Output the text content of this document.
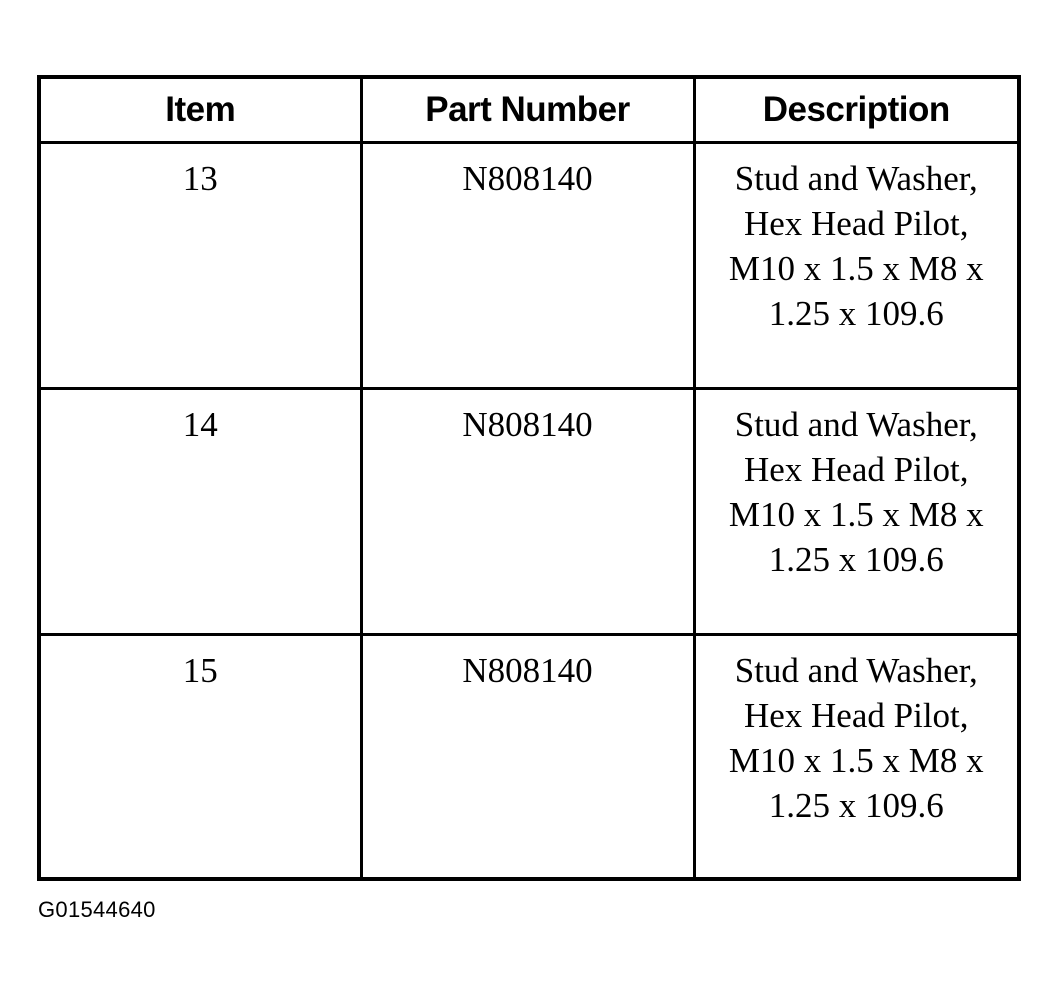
Item	Part Number	Description
13	N808140	Stud and Washer, Hex Head Pilot, M10 x 1.5 x M8 x 1.25 x 109.6
14	N808140	Stud and Washer, Hex Head Pilot, M10 x 1.5 x M8 x 1.25 x 109.6
15	N808140	Stud and Washer, Hex Head Pilot, M10 x 1.5 x M8 x 1.25 x 109.6
G01544640
